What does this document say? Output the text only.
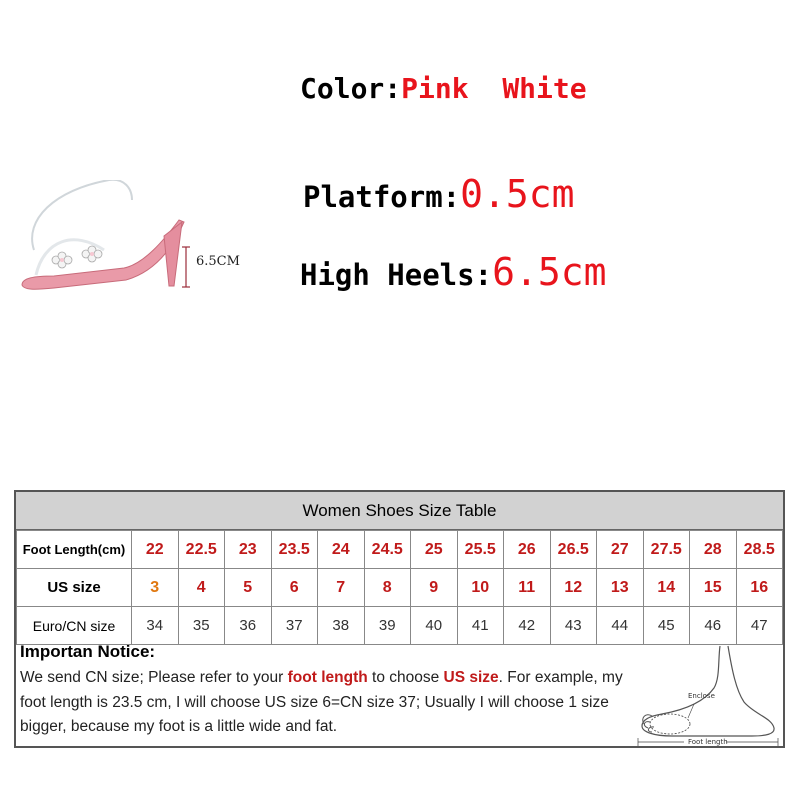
Color:Pink White
Platform:0.5cm
High Heels:6.5cm
6.5CM
Women Shoes Size Table
Foot Length(cm)	22	22.5	23	23.5	24	24.5	25	25.5	26	26.5	27	27.5	28	28.5
US size	3	4	5	6	7	8	9	10	11	12	13	14	15	16
Euro/CN size	34	35	36	37	38	39	40	41	42	43	44	45	46	47
Importan Notice:
We send CN size; Please refer to your foot length to choose US size. For example, my foot length is 23.5 cm, I will choose US size 6=CN size 37; Usually I will choose 1 size bigger, because my foot is a little wide and fat.
Enclose
Foot length
